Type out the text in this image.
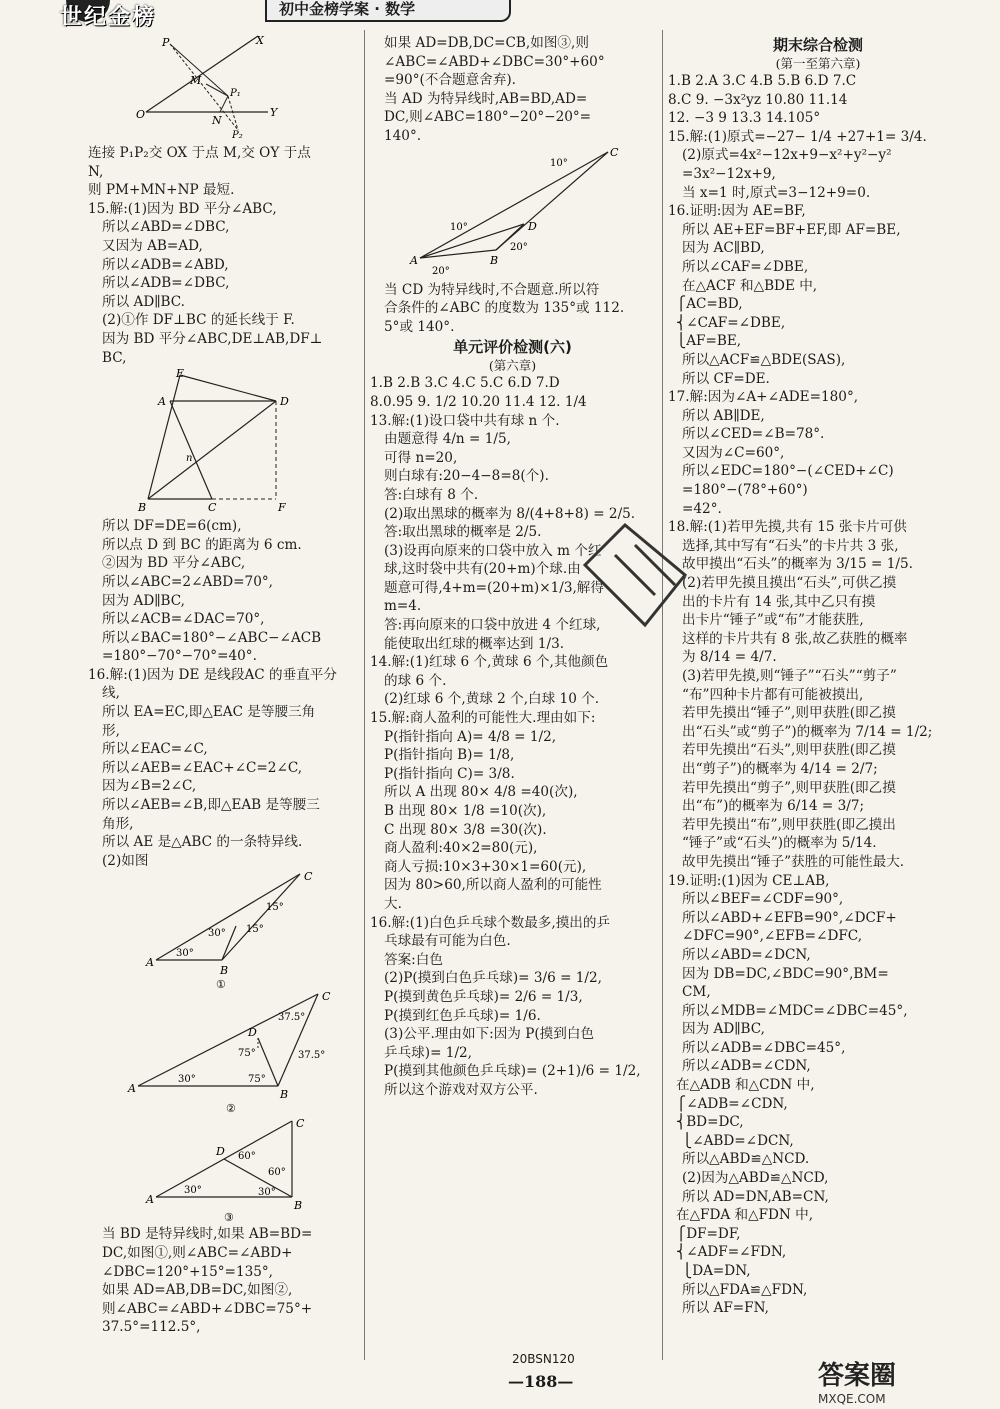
世纪金榜	初中金榜学案 · 数学
P	X
M
P₁
O	N
P₂
Y
连接 P₁P₂交 OX 于点 M,交 OY 于点
N,
则 PM+MN+NP 最短.
15.解:(1)因为 BD 平分∠ABC,
所以∠ABD=∠DBC,
又因为 AB=AD,
所以∠ADB=∠ABD,
所以∠ADB=∠DBC,
所以 AD∥BC.
(2)①作 DF⊥BC 的延长线于 F.
因为 BD 平分∠ABC,DE⊥AB,DF⊥
BC,
E
A	D
B	C	F
n
所以 DF=DE=6(cm),
所以点 D 到 BC 的距离为 6 cm.
②因为 BD 平分∠ABC,
所以∠ABC=2∠ABD=70°,
因为 AD∥BC,
所以∠ACB=∠DAC=70°,
所以∠BAC=180°−∠ABC−∠ACB
=180°−70°−70°=40°.
16.解:(1)因为 DE 是线段AC 的垂直平分
线,
所以 EA=EC,即△EAC 是等腰三角
形,
所以∠EAC=∠C,
所以∠AEB=∠EAC+∠C=2∠C,
因为∠B=2∠C,
所以∠AEB=∠B,即△EAB 是等腰三
角形,
所以 AE 是△ABC 的一条特异线.
(2)如图
C
A
B
30°
30°
15°
15°
①
C
A	B
D
30°
75°
75°
37.5°
37.5°
②
C
A	B
D
30°
60°
60°
30°
③
当 BD 是特异线时,如果 AB=BD=
DC,如图①,则∠ABC=∠ABD+
∠DBC=120°+15°=135°,
如果 AD=AB,DB=DC,如图②,
则∠ABC=∠ABD+∠DBC=75°+
37.5°=112.5°,
如果 AD=DB,DC=CB,如图③,则
∠ABC=∠ABD+∠DBC=30°+60°
=90°(不合题意舍弃).
当 AD 为特异线时,AB=BD,AD=
DC,则∠ABC=180°−20°−20°=
140°.
C
A	B
D
10°
10°
20°
20°
当 CD 为特异线时,不合题意.所以符
合条件的∠ABC 的度数为 135°或 112.
5°或 140°.
单元评价检测(六)
(第六章)
1.B 2.B 3.C 4.C 5.C 6.D 7.D
8.0.95 9. 1/2 10.20 11.4 12. 1/4
13.解:(1)设口袋中共有球 n 个.
由题意得 4/n = 1/5,
可得 n=20,
则白球有:20−4−8=8(个).
答:白球有 8 个.
(2)取出黑球的概率为 8/(4+8+8) = 2/5.
答:取出黑球的概率是 2/5.
(3)设再向原来的口袋中放入 m 个红
球,这时袋中共有(20+m)个球.由
题意可得,4+m=(20+m)×1/3,解得
m=4.
答:再向原来的口袋中放进 4 个红球,
能使取出红球的概率达到 1/3.
14.解:(1)红球 6 个,黄球 6 个,其他颜色
的球 6 个.
(2)红球 6 个,黄球 2 个,白球 10 个.
15.解:商人盈利的可能性大.理由如下:
P(指针指向 A)= 4/8 = 1/2,
P(指针指向 B)= 1/8,
P(指针指向 C)= 3/8.
所以 A 出现 80× 4/8 =40(次),
B 出现 80× 1/8 =10(次),
C 出现 80× 3/8 =30(次).
商人盈利:40×2=80(元),
商人亏损:10×3+30×1=60(元),
因为 80>60,所以商人盈利的可能性
大.
16.解:(1)白色乒乓球个数最多,摸出的乒
乓球最有可能为白色.
答案:白色
(2)P(摸到白色乒乓球)= 3/6 = 1/2,
P(摸到黄色乒乓球)= 2/6 = 1/3,
P(摸到红色乒乓球)= 1/6.
(3)公平.理由如下:因为 P(摸到白色
乒乓球)= 1/2,
P(摸到其他颜色乒乓球)= (2+1)/6 = 1/2,
所以这个游戏对双方公平.
期末综合检测
(第一至第六章)
1.B 2.A 3.C 4.B 5.B 6.D 7.C
8.C 9. −3x²yz 10.80 11.14
12. −3 9 13.3 14.105°
15.解:(1)原式=−27− 1/4 +27+1= 3/4.
(2)原式=4x²−12x+9−x²+y²−y²
=3x²−12x+9,
当 x=1 时,原式=3−12+9=0.
16.证明:因为 AE=BF,
所以 AE+EF=BF+EF,即 AF=BE,
因为 AC∥BD,
所以∠CAF=∠DBE,
在△ACF 和△BDE 中,
⎧AC=BD,
⎨∠CAF=∠DBE,
⎩AF=BE,
所以△ACF≌△BDE(SAS),
所以 CF=DE.
17.解:因为∠A+∠ADE=180°,
所以 AB∥DE,
所以∠CED=∠B=78°.
又因为∠C=60°,
所以∠EDC=180°−(∠CED+∠C)
=180°−(78°+60°)
=42°.
18.解:(1)若甲先摸,共有 15 张卡片可供
选择,其中写有“石头”的卡片共 3 张,
故甲摸出“石头”的概率为 3/15 = 1/5.
(2)若甲先摸且摸出“石头”,可供乙摸
出的卡片有 14 张,其中乙只有摸
出卡片“锤子”或“布”才能获胜,
这样的卡片共有 8 张,故乙获胜的概率
为 8/14 = 4/7.
(3)若甲先摸,则“锤子”“石头”“剪子”
“布”四种卡片都有可能被摸出,
若甲先摸出“锤子”,则甲获胜(即乙摸
出“石头”或“剪子”)的概率为 7/14 = 1/2;
若甲先摸出“石头”,则甲获胜(即乙摸
出“剪子”)的概率为 4/14 = 2/7;
若甲先摸出“剪子”,则甲获胜(即乙摸
出“布”)的概率为 6/14 = 3/7;
若甲先摸出“布”,则甲获胜(即乙摸出
“锤子”或“石头”)的概率为 5/14.
故甲先摸出“锤子”获胜的可能性最大.
19.证明:(1)因为 CE⊥AB,
所以∠BEF=∠CDF=90°,
所以∠ABD+∠EFB=90°,∠DCF+
∠DFC=90°,∠EFB=∠DFC,
所以∠ABD=∠DCN,
因为 DB=DC,∠BDC=90°,BM=
CM,
所以∠MDB=∠MDC=∠DBC=45°,
因为 AD∥BC,
所以∠ADB=∠DBC=45°,
所以∠ADB=∠CDN,
在△ADB 和△CDN 中,
⎧∠ADB=∠CDN,
⎨BD=DC,
⎩∠ABD=∠DCN,
所以△ABD≌△NCD.
(2)因为△ABD≌△NCD,
所以 AD=DN,AB=CN,
在△FDA 和△FDN 中,
⎧DF=DF,
⎨∠ADF=∠FDN,
⎩DA=DN,
所以△FDA≌△FDN,
所以 AF=FN,
20BSN120
—188—	答案圈
MXQE.COM
